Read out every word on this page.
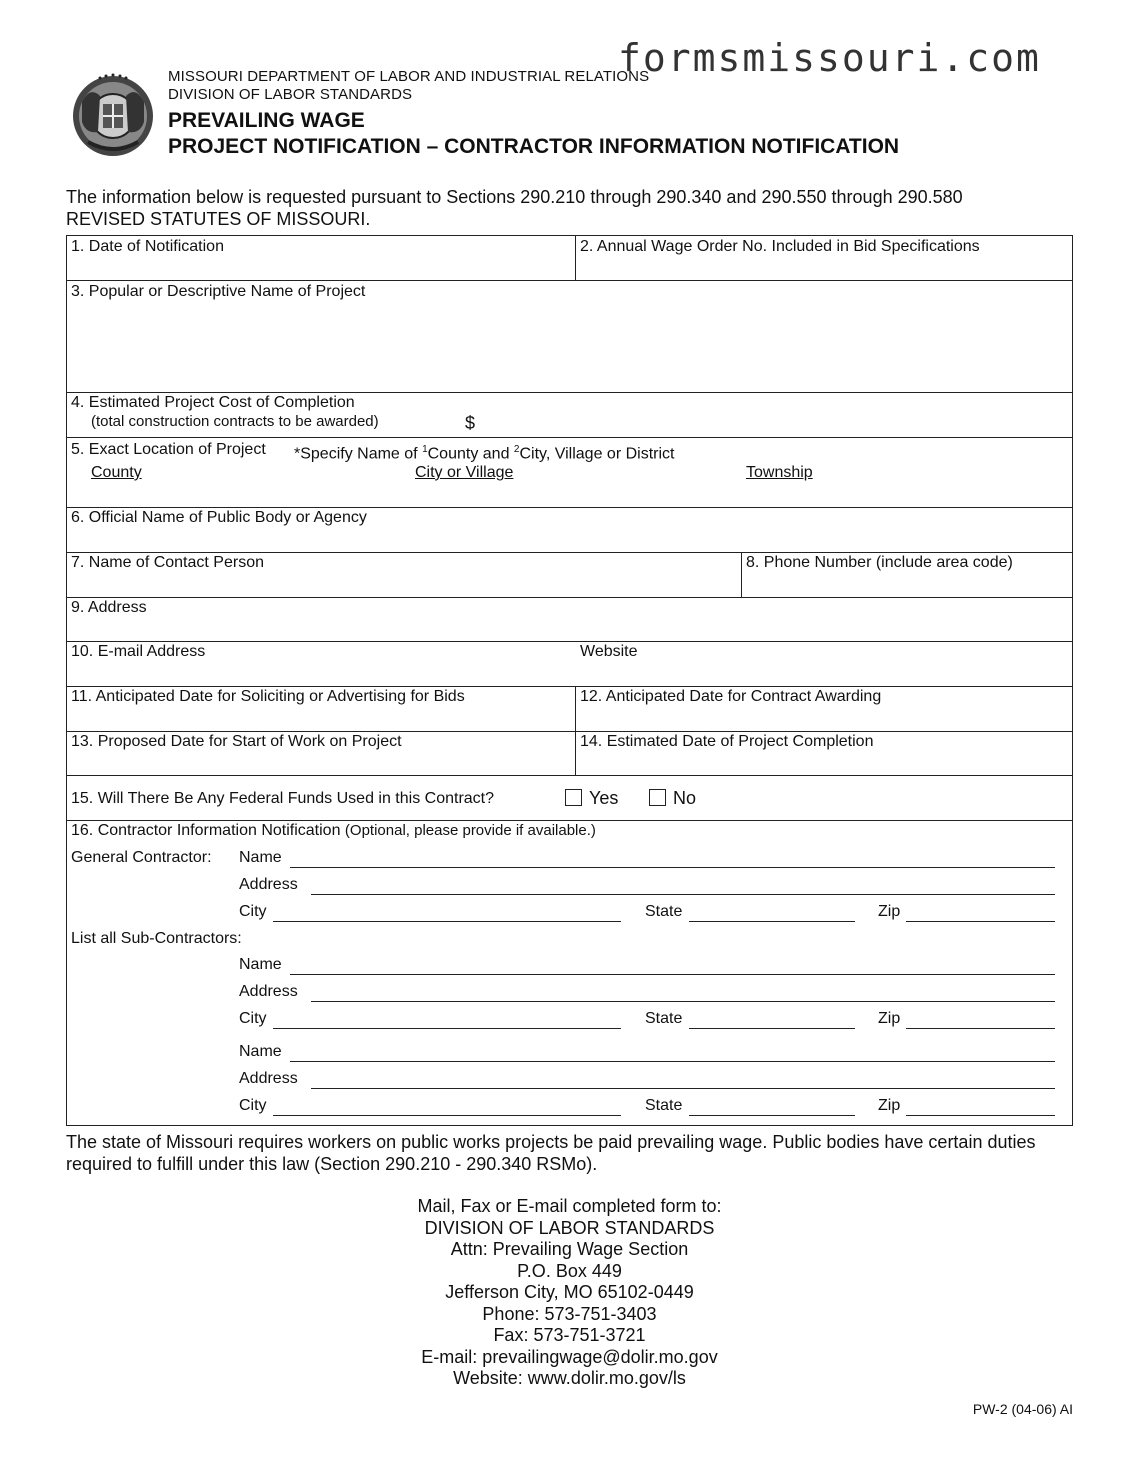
MISSOURI DEPARTMENT OF LABOR AND INDUSTRIAL RELATIONS
DIVISION OF LABOR STANDARDS
PREVAILING WAGE
PROJECT NOTIFICATION – CONTRACTOR INFORMATION NOTIFICATION
formsmissouri.com
The information below is requested pursuant to Sections 290.210 through 290.340 and 290.550 through 290.580
REVISED STATUTES OF MISSOURI.
1. Date of Notification	2. Annual Wage Order No. Included in Bid Specifications
3. Popular or Descriptive Name of Project
4. Estimated Project Cost of Completion
(total construction contracts to be awarded)	$
5. Exact Location of Project *Specify Name of $^1$County and $^2$City, Village or District
County	City or Village	Township
6. Official Name of Public Body or Agency
7. Name of Contact Person	8. Phone Number (include area code)
9. Address
10. E-mail Address	Website
11. Anticipated Date for Soliciting or Advertising for Bids	12. Anticipated Date for Contract Awarding
13. Proposed Date for Start of Work on Project	14. Estimated Date of Project Completion
15. Will There Be Any Federal Funds Used in this Contract?	Yes	No
16. Contractor Information Notification (Optional, please provide if available.)
General Contractor: Name
Address
City	State	Zip
List all Sub-Contractors:
Name
Address
City	State	Zip
Name
Address
City	State	Zip
The state of Missouri requires workers on public works projects be paid prevailing wage. Public bodies have certain duties required to fulfill under this law (Section 290.210 - 290.340 RSMo).
Mail, Fax or E-mail completed form to:
DIVISION OF LABOR STANDARDS
Attn: Prevailing Wage Section
P.O. Box 449
Jefferson City, MO 65102-0449
Phone: 573-751-3403
Fax: 573-751-3721
E-mail: prevailingwage@dolir.mo.gov
Website: www.dolir.mo.gov/ls
PW-2 (04-06) AI
